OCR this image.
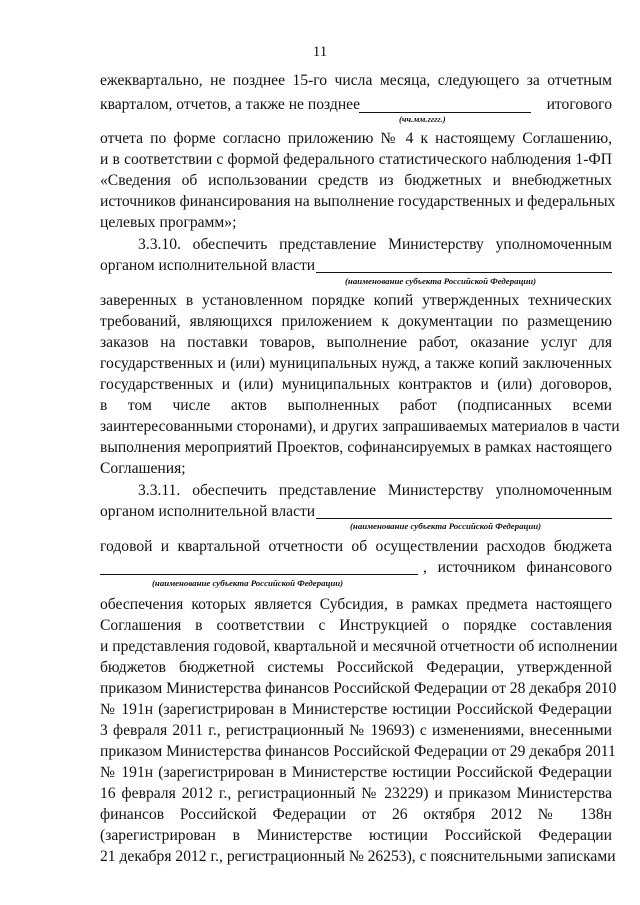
11
ежеквартально, не позднее 15-го числа месяца, следующего за отчетным
кварталом, отчетов, а также не позднее	итогового
(чч.мм.гггг.)
отчета по форме согласно приложению № 4 к настоящему Соглашению,
и в соответствии с формой федерального статистического наблюдения 1-ФП
«Сведения об использовании средств из бюджетных и внебюджетных
источников финансирования на выполнение государственных и федеральных
целевых программ»;
3.3.10. обеспечить представление Министерству уполномоченным
органом исполнительной власти
(наименование субъекта Российской Федерации)
заверенных в установленном порядке копий утвержденных технических
требований, являющихся приложением к документации по размещению
заказов на поставки товаров, выполнение работ, оказание услуг для
государственных и (или) муниципальных нужд, а также копий заключенных
государственных и (или) муниципальных контрактов и (или) договоров,
в том числе актов выполненных работ (подписанных всеми
заинтересованными сторонами), и других запрашиваемых материалов в части
выполнения мероприятий Проектов, софинансируемых в рамках настоящего
Соглашения;
3.3.11. обеспечить представление Министерству уполномоченным
органом исполнительной власти
(наименование субъекта Российской Федерации)
годовой и квартальной отчетности об осуществлении расходов бюджета
, источником финансового
(наименование субъекта Российской Федерации)
обеспечения которых является Субсидия, в рамках предмета настоящего
Соглашения в соответствии с Инструкцией о порядке составления
и представления годовой, квартальной и месячной отчетности об исполнении
бюджетов бюджетной системы Российской Федерации, утвержденной
приказом Министерства финансов Российской Федерации от 28 декабря 2010
№ 191н (зарегистрирован в Министерстве юстиции Российской Федерации
3 февраля 2011 г., регистрационный № 19693) с изменениями, внесенными
приказом Министерства финансов Российской Федерации от 29 декабря 2011
№ 191н (зарегистрирован в Министерстве юстиции Российской Федерации
16 февраля 2012 г., регистрационный № 23229) и приказом Министерства
финансов Российской Федерации от 26 октября 2012 № 138н
(зарегистрирован в Министерстве юстиции Российской Федерации
21 декабря 2012 г., регистрационный № 26253), с пояснительными записками
